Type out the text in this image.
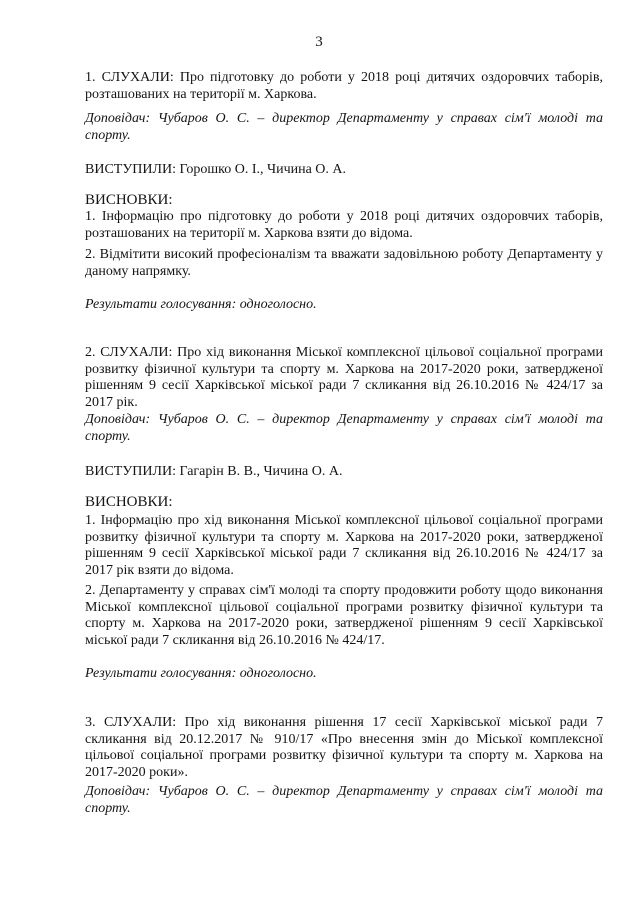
3

1. СЛУХАЛИ: Про підготовку до роботи у 2018 році дитячих оздоровчих таборів, розташованих на території м. Харкова.

Доповідач: Чубаров О. С. – директор Департаменту у справах сім'ї молоді та спорту.

ВИСТУПИЛИ: Горошко О. І., Чичина О. А.

ВИСНОВКИ:

1. Інформацію про підготовку до роботи у 2018 році дитячих оздоровчих таборів, розташованих на території м. Харкова взяти до відома.

2. Відмітити високий професіоналізм та вважати задовільною роботу Департаменту у даному напрямку.

Результати голосування: одноголосно.

2. СЛУХАЛИ: Про хід виконання Міської комплексної цільової соціальної програми розвитку фізичної культури та спорту м. Харкова на 2017-2020 роки, затвердженої рішенням 9 сесії Харківської міської ради 7 скликання від 26.10.2016 № 424/17 за 2017 рік.

Доповідач: Чубаров О. С. – директор Департаменту у справах сім'ї молоді та спорту.

ВИСТУПИЛИ: Гагарін В. В., Чичина О. А.

ВИСНОВКИ:

1. Інформацію про хід виконання Міської комплексної цільової соціальної програми розвитку фізичної культури та спорту м. Харкова на 2017-2020 роки, затвердженої рішенням 9 сесії Харківської міської ради 7 скликання від 26.10.2016 № 424/17 за 2017 рік взяти до відома.

2. Департаменту у справах сім'ї молоді та спорту продовжити роботу щодо виконання Міської комплексної цільової соціальної програми розвитку фізичної культури та спорту м. Харкова на 2017-2020 роки, затвердженої рішенням 9 сесії Харківської міської ради 7 скликання від 26.10.2016 № 424/17.

Результати голосування: одноголосно.

3. СЛУХАЛИ: Про хід виконання рішення 17 сесії Харківської міської ради 7 скликання від 20.12.2017 № 910/17 «Про внесення змін до Міської комплексної цільової соціальної програми розвитку фізичної культури та спорту м. Харкова на 2017-2020 роки».

Доповідач: Чубаров О. С. – директор Департаменту у справах сім'ї молоді та спорту.
